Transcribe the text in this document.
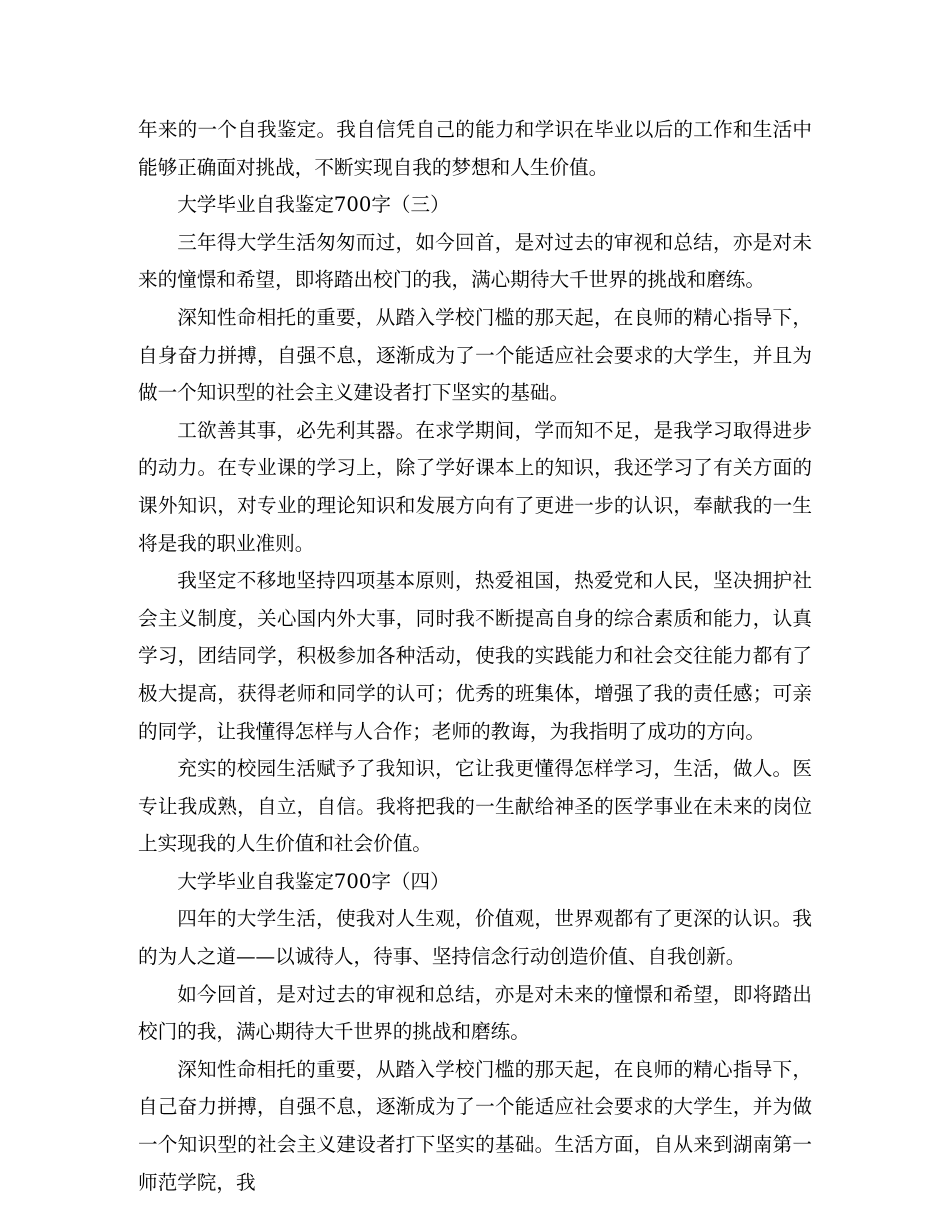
年来的一个自我鉴定。我自信凭自己的能力和学识在毕业以后的工作和生活中能够正确面对挑战，不断实现自我的梦想和人生价值。

大学毕业自我鉴定700字（三）

三年得大学生活匆匆而过，如今回首，是对过去的审视和总结，亦是对未来的憧憬和希望，即将踏出校门的我，满心期待大千世界的挑战和磨练。

深知性命相托的重要，从踏入学校门槛的那天起，在良师的精心指导下，自身奋力拼搏，自强不息，逐渐成为了一个能适应社会要求的大学生，并且为做一个知识型的社会主义建设者打下坚实的基础。

工欲善其事，必先利其器。在求学期间，学而知不足，是我学习取得进步的动力。在专业课的学习上，除了学好课本上的知识，我还学习了有关方面的课外知识，对专业的理论知识和发展方向有了更进一步的认识，奉献我的一生将是我的职业准则。

我坚定不移地坚持四项基本原则，热爱祖国，热爱党和人民，坚决拥护社会主义制度，关心国内外大事，同时我不断提高自身的综合素质和能力，认真学习，团结同学，积极参加各种活动，使我的实践能力和社会交往能力都有了极大提高，获得老师和同学的认可；优秀的班集体，增强了我的责任感；可亲的同学，让我懂得怎样与人合作；老师的教诲，为我指明了成功的方向。

充实的校园生活赋予了我知识，它让我更懂得怎样学习，生活，做人。医专让我成熟，自立，自信。我将把我的一生献给神圣的医学事业在未来的岗位上实现我的人生价值和社会价值。

大学毕业自我鉴定700字（四）

四年的大学生活，使我对人生观，价值观，世界观都有了更深的认识。我的为人之道——以诚待人，待事、坚持信念行动创造价值、自我创新。

如今回首，是对过去的审视和总结，亦是对未来的憧憬和希望，即将踏出校门的我，满心期待大千世界的挑战和磨练。

深知性命相托的重要，从踏入学校门槛的那天起，在良师的精心指导下，自己奋力拼搏，自强不息，逐渐成为了一个能适应社会要求的大学生，并为做一个知识型的社会主义建设者打下坚实的基础。生活方面，自从来到湖南第一师范学院，我
